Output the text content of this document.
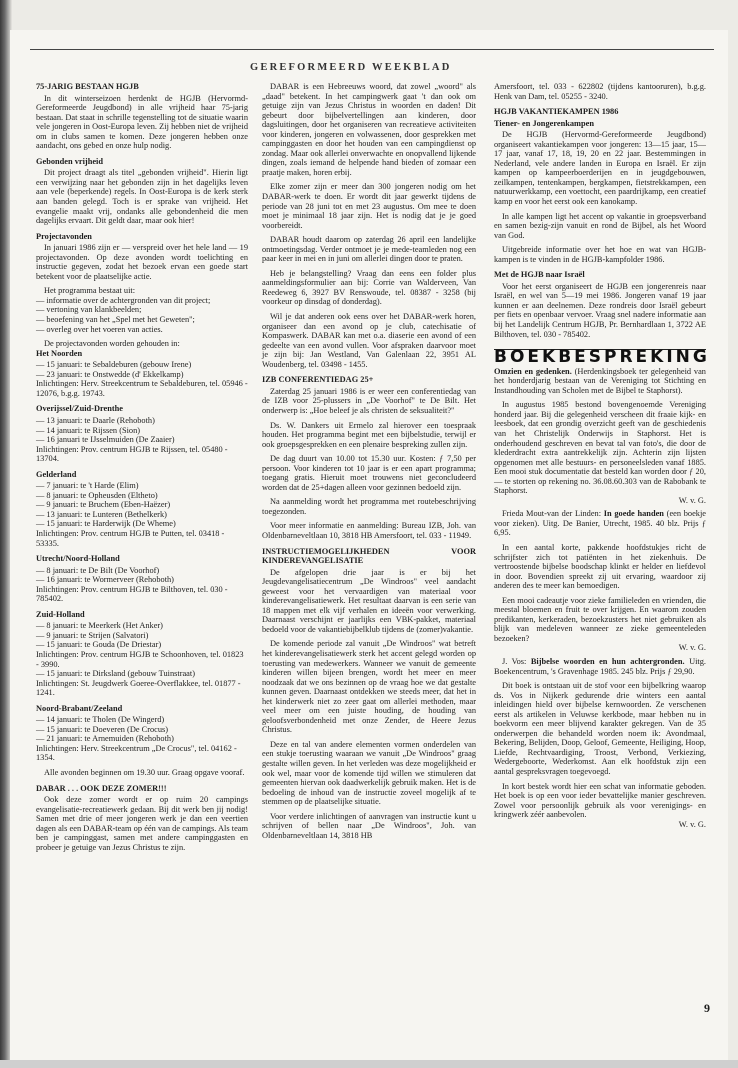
GEREFORMEERD WEEKBLAD
75-JARIG BESTAAN HGJB

In dit winterseizoen herdenkt de HGJB (Hervormd-Gereformeerde Jeugdbond) in alle vrijheid haar 75-jarig bestaan. Dat staat in schrille tegenstelling tot de situatie waarin vele jongeren in Oost-Europa leven. Zij hebben niet de vrijheid om in clubs samen te komen. Deze jongeren hebben onze aandacht, ons gebed en onze hulp nodig.

Gebonden vrijheid

Dit project draagt als titel „gebonden vrijheid". Hierin ligt een verwijzing naar het gebonden zijn in het dagelijks leven aan vele (beperkende) regels. In Oost-Europa is de kerk sterk aan banden gelegd. Toch is er sprake van vrijheid. Het evangelie maakt vrij, ondanks alle gebondenheid die men dagelijks ervaart. Dit geldt daar, maar ook hier!

Projectavonden

In januari 1986 zijn er — verspreid over het hele land — 19 projectavonden. Op deze avonden wordt toelichting en instructie gegeven, zodat het bezoek ervan een goede start betekent voor de plaatselijke actie.

Het programma bestaat uit:

— informatie over de achtergronden van dit project;
— vertoning van klankbeelden;
— beoefening van het „Spel met het Geweten";
— overleg over het voeren van acties.

De projectavonden worden gehouden in:

Het Noorden
— 15 januari: te Sebaldeburen (gebouw Irene)
— 23 januari: te Onstwedde (d' Ekkelkamp)
Inlichtingen: Herv. Streekcentrum te Sebaldeburen, tel. 05946 - 12076, b.g.g. 19743.
Overijssel/Zuid-Drenthe
— 13 januari: te Daarle (Rehoboth)
— 14 januari: te Rijssen (Sion)
— 16 januari te IJsselmuiden (De Zaaier)
Inlichtingen: Prov. centrum HGJB te Rijssen, tel. 05480 - 13704.
Gelderland
— 7 januari: te 't Harde (Elim)
— 8 januari: te Opheusden (Eltheto)
— 9 januari: te Bruchem (Eben-Haëzer)
— 13 januari: te Lunteren (Bethelkerk)
— 15 januari: te Harderwijk (De Wheme)
Inlichtingen: Prov. centrum HGJB te Putten, tel. 03418 - 53335.
Utrecht/Noord-Holland
— 8 januari: te De Bilt (De Voorhof)
— 16 januari: te Wormerveer (Rehoboth)
Inlichtingen: Prov. centrum HGJB te Bilthoven, tel. 030 - 785402.
Zuid-Holland
— 8 januari: te Meerkerk (Het Anker)
— 9 januari: te Strijen (Salvatori)
— 15 januari: te Gouda (De Driestar)
Inlichtingen: Prov. centrum HGJB te Schoonhoven, tel. 01823 - 3990.
— 15 januari: te Dirksland (gebouw Tuinstraat)
Inlichtingen: St. Jeugdwerk Goeree-Overflakkee, tel. 01877 - 1241.
Noord-Brabant/Zeeland
— 14 januari: te Tholen (De Wingerd)
— 15 januari: te Doeveren (De Crocus)
— 21 januari: te Arnemuiden (Rehoboth)
Inlichtingen: Herv. Streekcentrum „De Crocus", tel. 04162 - 1354.

Alle avonden beginnen om 19.30 uur. Graag opgave vooraf.

DABAR . . . OOK DEZE ZOMER!!!

Ook deze zomer wordt er op ruim 20 campings evangelisatie-recreatiewerk gedaan. Bij dit werk ben jij nodig! Samen met drie of meer jongeren werk je dan een veertien dagen als een DABAR-team op één van de campings. Als team ben je campinggast, samen met andere campinggasten en probeer je getuige van Jezus Christus te zijn.

DABAR is een Hebreeuws woord, dat zowel „woord" als „daad" betekent. In het campingwerk gaat 't dan ook om getuige zijn van Jezus Christus in woorden en daden! Dit gebeurt door bijbelvertellingen aan kinderen, door dagsluitingen, door het organiseren van recreatieve activiteiten voor kinderen, jongeren en volwassenen, door gesprekken met campinggasten en door het houden van een campingdienst op zondag. Maar ook allerlei onverwachte en onopvallend lijkende dingen, zoals iemand de helpende hand bieden of zomaar een praatje maken, horen erbij.

Elke zomer zijn er meer dan 300 jongeren nodig om het DABAR-werk te doen. Er wordt dit jaar gewerkt tijdens de periode van 28 juni tot en met 23 augustus. Om mee te doen moet je minimaal 18 jaar zijn. Het is nodig dat je je goed voorbereidt.

DABAR houdt daarom op zaterdag 26 april een landelijke ontmoetingsdag. Verder ontmoet je je mede-teamleden nog een paar keer in mei en in juni om allerlei dingen door te praten.

Heb je belangstelling? Vraag dan eens een folder plus aanmeldingsformulier aan bij: Corrie van Walderveen, Van Reedeweg 6, 3927 BV Renswoude, tel. 08387 - 3258 (bij voorkeur op dinsdag of donderdag).

Wil je dat anderen ook eens over het DABAR-werk horen, organiseer dan een avond op je club, catechisatie of Kompaswerk. DABAR kan met o.a. diaserie een avond of een gedeelte van een avond vullen. Voor afspraken daarvoor moet je zijn bij: Jan Westland, Van Galenlaan 22, 3951 AL Woudenberg, tel. 03498 - 1455.

IZB CONFERENTIEDAG 25+

Zaterdag 25 januari 1986 is er weer een conferentiedag van de IZB voor 25-plussers in „De Voorhof" te De Bilt. Het onderwerp is: „Hoe beleef je als christen de seksualiteit?"

Ds. W. Dankers uit Ermelo zal hierover een toespraak houden. Het programma begint met een bijbelstudie, terwijl er ook groepsgesprekken en een plenaire bespreking zullen zijn.

De dag duurt van 10.00 tot 15.30 uur. Kosten: ƒ 7,50 per persoon. Voor kinderen tot 10 jaar is er een apart programma; toegang gratis. Hieruit moet trouwens niet geconcludeerd worden dat de 25+dagen alleen voor gezinnen bedoeld zijn.

Na aanmelding wordt het programma met routebeschrijving toegezonden.

Voor meer informatie en aanmelding: Bureau IZB, Joh. van Oldenbarneveltlaan 10, 3818 HB Amersfoort, tel. 033 - 11949.

INSTRUCTIEMOGELIJKHEDEN VOOR KINDEREVANGELISATIE

De afgelopen drie jaar is er bij het Jeugdevangelisatiecentrum „De Windroos" veel aandacht geweest voor het vervaardigen van materiaal voor kinderevangelisatiewerk. Het resultaat daarvan is een serie van 18 mappen met elk vijf verhalen en ideeën voor verwerking. Daarnaast verschijnt er jaarlijks een VBK-pakket, materiaal bedoeld voor de vakantiebijbelklub tijdens de (zomer)vakantie.

De komende periode zal vanuit „De Windroos" wat betreft het kinderevangelisatiewerk sterk het accent gelegd worden op toerusting van medewerkers. Wanneer we vanuit de gemeente kinderen willen bijeen brengen, wordt het meer en meer noodzaak dat we ons bezinnen op de vraag hoe we dat gestalte kunnen geven. Daarnaast ontdekken we steeds meer, dat het in het kinderwerk niet zo zeer gaat om allerlei methoden, maar veel meer om een juiste houding, de houding van geloofsverbondenheid met onze Zender, de Heere Jezus Christus.

Deze en tal van andere elementen vormen onderdelen van een stukje toerusting waaraan we vanuit „De Windroos" graag gestalte willen geven. In het verleden was deze mogelijkheid er ook wel, maar voor de komende tijd willen we stimuleren dat gemeenten hiervan ook daadwerkelijk gebruik maken. Het is de bedoeling de inhoud van de instructie zoveel mogelijk af te stemmen op de plaatselijke situatie.

Voor verdere inlichtingen of aanvragen van instructie kunt u schrijven of bellen naar „De Windroos", Joh. van Oldenbarneveltlaan 14, 3818 HB

Amersfoort, tel. 033 - 622802 (tijdens kantooruren), b.g.g. Henk van Dam, tel. 05255 - 3240.

HGJB VAKANTIEKAMPEN 1986
Tiener- en Jongerenkampen

De HGJB (Hervormd-Gereformeerde Jeugdbond) organiseert vakantiekampen voor jongeren: 13—15 jaar, 15—17 jaar, vanaf 17, 18, 19, 20 en 22 jaar. Bestemmingen in Nederland, vele andere landen in Europa en Israël. Er zijn kampen op kampeerboerderijen en in jeugdgebouwen, zeilkampen, tentenkampen, bergkampen, fietstrekkampen, een natuurwerkkamp, een voettocht, een paardrijkamp, een creatief kamp en voor het eerst ook een kanokamp.

In alle kampen ligt het accent op vakantie in groepsverband en samen bezig-zijn vanuit en rond de Bijbel, als het Woord van God.

Uitgebreide informatie over het hoe en wat van HGJB-kampen is te vinden in de HGJB-kampfolder 1986.

Met de HGJB naar Israël

Voor het eerst organiseert de HGJB een jongerenreis naar Israël, en wel van 5—19 mei 1986. Jongeren vanaf 19 jaar kunnen er aan deelnemen. Deze rondreis door Israël gebeurt per fiets en openbaar vervoer. Vraag snel nadere informatie aan bij het Landelijk Centrum HGJB, Pr. Bernhardlaan 1, 3722 AE Bilthoven, tel. 030 - 785402.

BOEKBESPREKING

Omzien en gedenken. (Herdenkingsboek ter gelegenheid van het honderdjarig bestaan van de Vereniging tot Stichting en Instandhouding van Scholen met de Bijbel te Staphorst).

In augustus 1985 bestond bovengenoemde Vereniging honderd jaar. Bij die gelegenheid verscheen dit fraaie kijk- en leesboek, dat een grondig overzicht geeft van de geschiedenis van het Christelijk Onderwijs in Staphorst. Het is onderhoudend geschreven en bevat tal van foto's, die door de klederdracht extra aantrekkelijk zijn. Achterin zijn lijsten opgenomen met alle bestuurs- en personeelsleden vanaf 1885. Een mooi stuk documentatie dat besteld kan worden door ƒ 20,— te storten op rekening no. 36.08.60.303 van de Rabobank te Staphorst.

W. v. G.

Frieda Mout-van der Linden: In goede handen (een boekje voor zieken). Uitg. De Banier, Utrecht, 1985. 40 blz. Prijs ƒ 6,95.

In een aantal korte, pakkende hoofdstukjes richt de schrijfster zich tot patiënten in het ziekenhuis. De vertroostende bijbelse boodschap klinkt er helder en liefdevol in door. Bovendien spreekt zij uit ervaring, waardoor zij anderen des te meer kan bemoedigen.

Een mooi cadeautje voor zieke familieleden en vrienden, die meestal bloemen en fruit te over krijgen. En waarom zouden predikanten, kerkeraden, bezoekzusters het niet gebruiken als blijk van medeleven wanneer ze zieke gemeenteleden bezoeken?

W. v. G.

J. Vos: Bijbelse woorden en hun achtergronden. Uitg. Boekencentrum, 's Gravenhage 1985. 245 blz. Prijs ƒ 29,90.

Dit boek is ontstaan uit de stof voor een bijbelkring waarop ds. Vos in Nijkerk gedurende drie winters een aantal inleidingen hield over bijbelse kernwoorden. Ze verschenen eerst als artikelen in Veluwse kerkbode, maar hebben nu in boekvorm een meer blijvend karakter gekregen. Van de 35 onderwerpen die behandeld worden noem ik: Avondmaal, Bekering, Belijden, Doop, Geloof, Gemeente, Heiliging, Hoop, Liefde, Rechtvaardiging, Troost, Verbond, Verkiezing, Wedergeboorte, Wederkomst. Aan elk hoofdstuk zijn een aantal gespreksvragen toegevoegd.

In kort bestek wordt hier een schat van informatie geboden. Het boek is op een voor ieder bevattelijke manier geschreven. Zowel voor persoonlijk gebruik als voor verenigings- en kringwerk zéér aanbevolen.

W. v. G.
9
